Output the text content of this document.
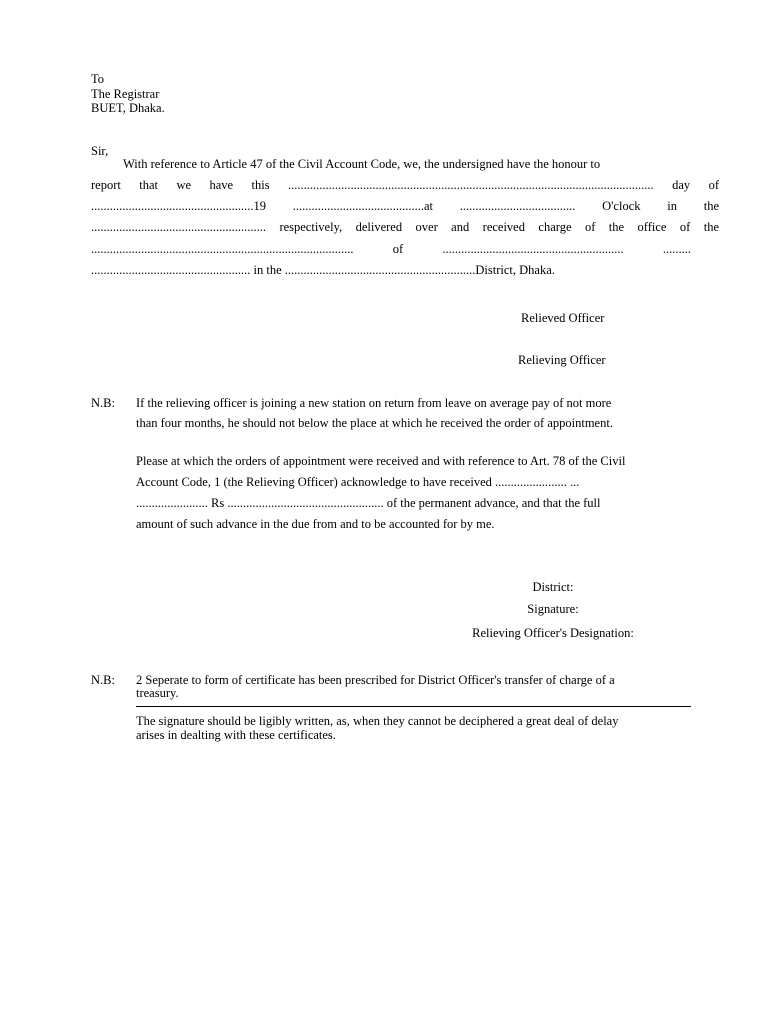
To
The Registrar
BUET, Dhaka.
Sir,
With reference to Article 47 of the Civil Account Code, we, the undersigned have the honour to
report that we have this ..................................................................................................................... day of
....................................................19 ..........................................at ..................................... O'clock in the
........................................................ respectively, delivered over and received charge of the office of the
.................................................................................... of .......................................................... .........
................................................... in the .............................................................District, Dhaka.
Relieved Officer
Relieving Officer
N.B: If the relieving officer is joining a new station on return from leave on average pay of not more
than four months, he should not below the place at which he received the order of appointment.
Please at which the orders of appointment were received and with reference to Art. 78 of the Civil
Account Code, 1 (the Relieving Officer) acknowledge to have received ....................... ...
....................... Rs .................................................. of the permanent advance, and that the full
amount of such advance in the due from and to be accounted for by me.
District:
Signature:
Relieving Officer's Designation:
N.B: 2 Seperate to form of certificate has been prescribed for District Officer's transfer of charge of a
treasury.
The signature should be ligibly written, as, when they cannot be deciphered a great deal of delay
arises in dealting with these certificates.
